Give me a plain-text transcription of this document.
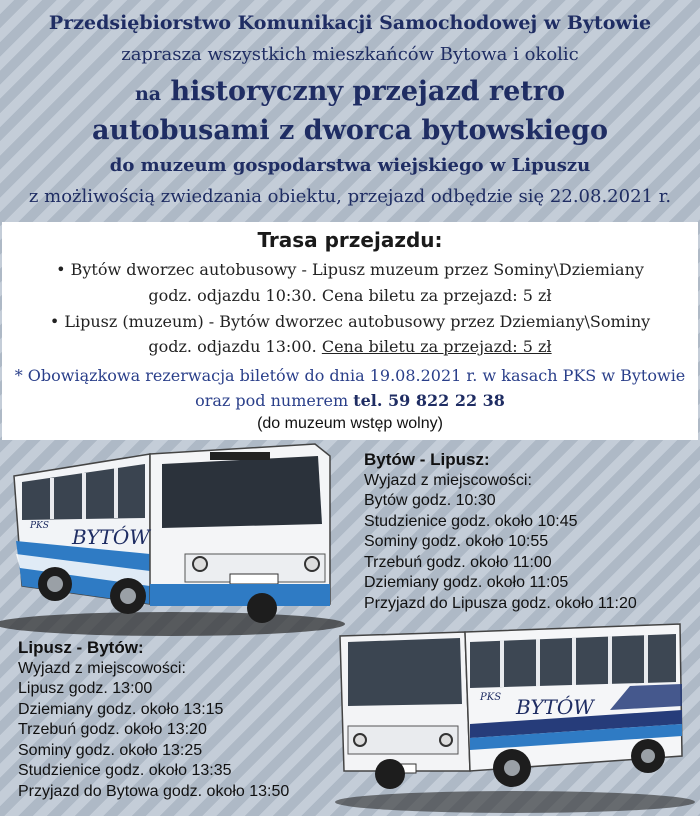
Przedsiębiorstwo Komunikacji Samochodowej w Bytowie
zaprasza wszystkich mieszkańców Bytowa i okolic
na historyczny przejazd retro
autobusami z dworca bytowskiego
do muzeum gospodarstwa wiejskiego w Lipuszu
z możliwością zwiedzania obiektu, przejazd odbędzie się 22.08.2021 r.
Trasa przejazdu:
• Bytów dworzec autobusowy - Lipusz muzeum przez Sominy\Dziemiany
godz. odjazdu 10:30. Cena biletu za przejazd: 5 zł
• Lipusz (muzeum) - Bytów dworzec autobusowy przez Dziemiany\Sominy
godz. odjazdu 13:00. Cena biletu za przejazd: 5 zł
* Obowiązkowa rezerwacja biletów do dnia 19.08.2021 r. w kasach PKS w Bytowie
oraz pod numerem tel. 59 822 22 38
(do muzeum wstęp wolny)
BYTÓW
PKS
BYTÓW
PKS
Bytów - Lipusz:
Wyjazd z miejscowości:
Bytów godz. 10:30
Studzienice godz. około 10:45
Sominy godz. około 10:55
Trzebuń godz. około 11:00
Dziemiany godz. około 11:05
Przyjazd do Lipusza godz. około 11:20
Lipusz - Bytów:
Wyjazd z miejscowości:
Lipusz godz. 13:00
Dziemiany godz. około 13:15
Trzebuń godz. około 13:20
Sominy godz. około 13:25
Studzienice godz. około 13:35
Przyjazd do Bytowa godz. około 13:50
